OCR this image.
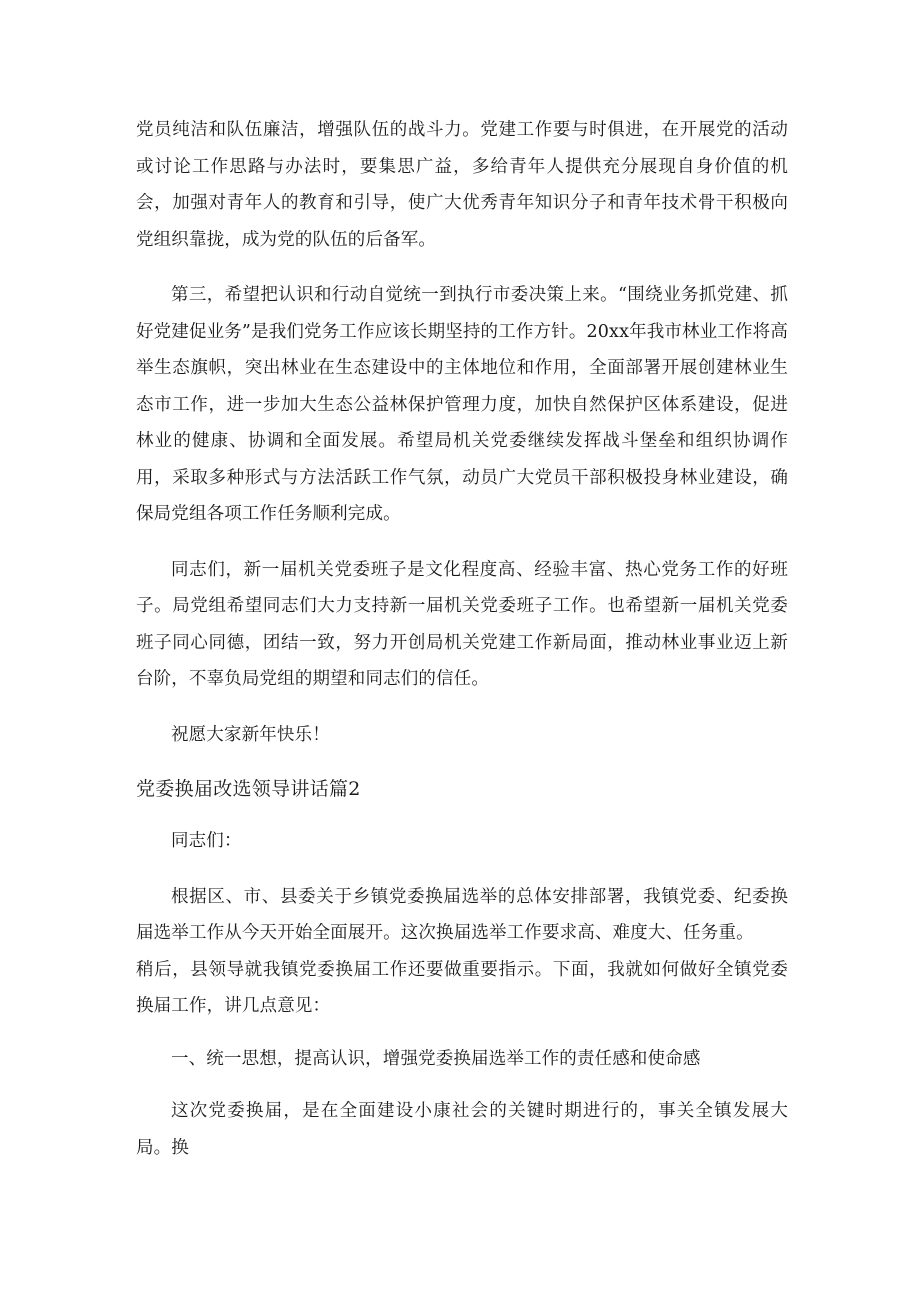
党员纯洁和队伍廉洁，增强队伍的战斗力。党建工作要与时俱进，在开展党的活动或讨论工作思路与办法时，要集思广益，多给青年人提供充分展现自身价值的机会，加强对青年人的教育和引导，使广大优秀青年知识分子和青年技术骨干积极向党组织靠拢，成为党的队伍的后备军。

第三，希望把认识和行动自觉统一到执行市委决策上来。“围绕业务抓党建、抓好党建促业务”是我们党务工作应该长期坚持的工作方针。20xx年我市林业工作将高举生态旗帜，突出林业在生态建设中的主体地位和作用，全面部署开展创建林业生态市工作，进一步加大生态公益林保护管理力度，加快自然保护区体系建设，促进林业的健康、协调和全面发展。希望局机关党委继续发挥战斗堡垒和组织协调作用，采取多种形式与方法活跃工作气氛，动员广大党员干部积极投身林业建设，确保局党组各项工作任务顺利完成。

同志们，新一届机关党委班子是文化程度高、经验丰富、热心党务工作的好班子。局党组希望同志们大力支持新一届机关党委班子工作。也希望新一届机关党委班子同心同德，团结一致，努力开创局机关党建工作新局面，推动林业事业迈上新台阶，不辜负局党组的期望和同志们的信任。

祝愿大家新年快乐！

党委换届改选领导讲话篇2

同志们：

根据区、市、县委关于乡镇党委换届选举的总体安排部署，我镇党委、纪委换届选举工作从今天开始全面展开。这次换届选举工作要求高、难度大、任务重。

稍后，县领导就我镇党委换届工作还要做重要指示。下面，我就如何做好全镇党委换届工作，讲几点意见：

一、统一思想，提高认识，增强党委换届选举工作的责任感和使命感

这次党委换届，是在全面建设小康社会的关键时期进行的，事关全镇发展大局。换
